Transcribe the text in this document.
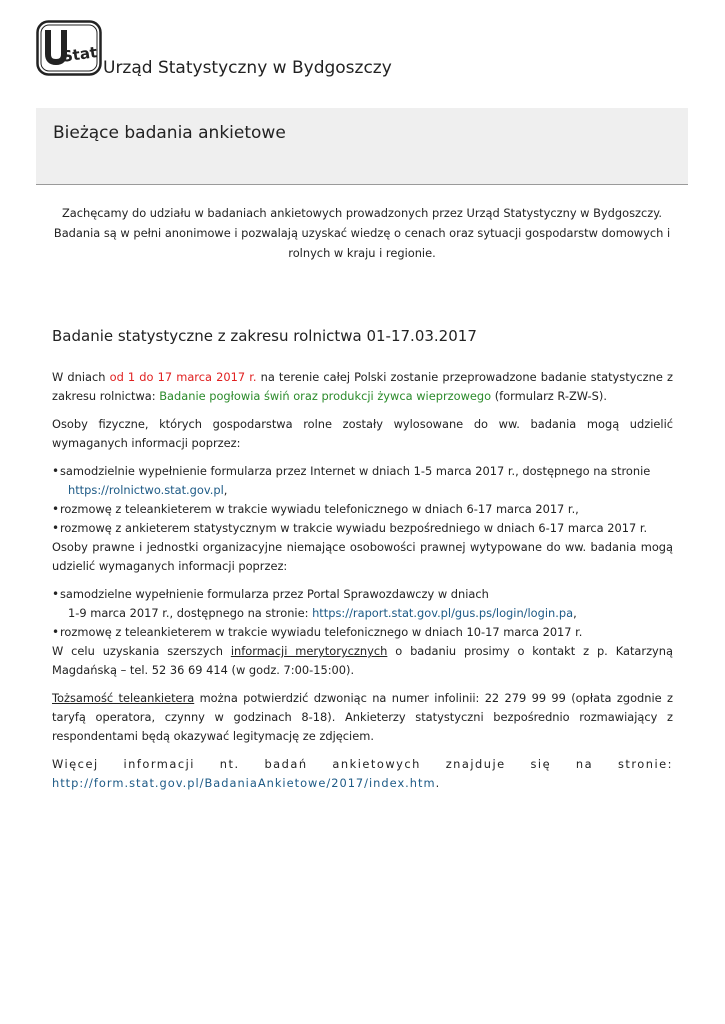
Stat
Urząd Statystyczny w Bydgoszczy
Bieżące badania ankietowe
Zachęcamy do udziału w badaniach ankietowych prowadzonych przez Urząd Statystyczny w Bydgoszczy.
Badania są w pełni anonimowe i pozwalają uzyskać wiedzę o cenach oraz sytuacji gospodarstw domowych i rolnych w kraju i regionie.
Badanie statystyczne z zakresu rolnictwa 01-17.03.2017

W dniach od 1 do 17 marca 2017 r. na terenie całej Polski zostanie przeprowadzone badanie statystyczne z zakresu rolnictwa: Badanie pogłowia świń oraz produkcji żywca wieprzowego (formularz R-ZW-S).

Osoby fizyczne, których gospodarstwa rolne zostały wylosowane do ww. badania mogą udzielić wymaganych informacji poprzez:

• samodzielnie wypełnienie formularza przez Internet w dniach 1-5 marca 2017 r., dostępnego na stronie
https://rolnictwo.stat.gov.pl,
• rozmowę z teleankieterem w trakcie wywiadu telefonicznego w dniach 6-17 marca 2017 r.,
• rozmowę z ankieterem statystycznym w trakcie wywiadu bezpośredniego w dniach 6-17 marca 2017 r.

Osoby prawne i jednostki organizacyjne niemające osobowości prawnej wytypowane do ww. badania mogą udzielić wymaganych informacji poprzez:

• samodzielne wypełnienie formularza przez Portal Sprawozdawczy w dniach
1-9 marca 2017 r., dostępnego na stronie: https://raport.stat.gov.pl/gus.ps/login/login.pa,
• rozmowę z teleankieterem w trakcie wywiadu telefonicznego w dniach 10-17 marca 2017 r.

W celu uzyskania szerszych informacji merytorycznych o badaniu prosimy o kontakt z p. Katarzyną Magdańską – tel. 52 36 69 414 (w godz. 7:00-15:00).

Tożsamość teleankietera można potwierdzić dzwoniąc na numer infolinii: 22 279 99 99 (opłata zgodnie z taryfą operatora, czynny w godzinach 8-18). Ankieterzy statystyczni bezpośrednio rozmawiający z respondentami będą okazywać legitymację ze zdjęciem.

Więcej informacji nt. badań ankietowych znajduje się na stronie:

http://form.stat.gov.pl/BadaniaAnkietowe/2017/index.htm.
